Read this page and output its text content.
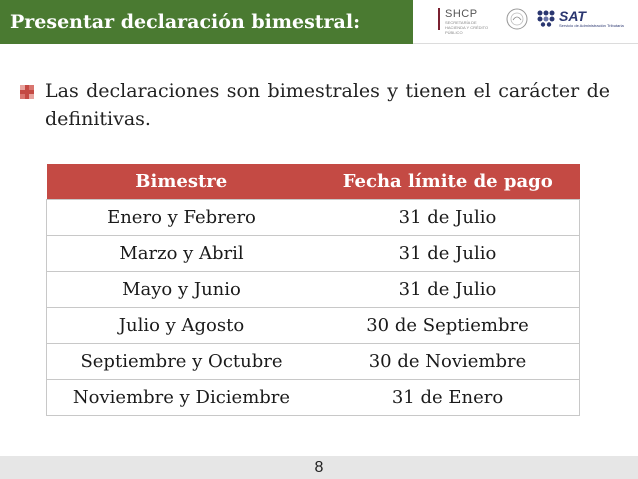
Presentar declaración bimestral:	SHCP
SECRETARÍA DE HACIENDA Y CRÉDITO PÚBLICO
SAT
Servicio de Administración Tributaria
Las declaraciones son bimestrales y tienen el carácter de definitivas.
Bimestre	Fecha límite de pago
Enero y Febrero	31 de Julio
Marzo y Abril	31 de Julio
Mayo y Junio	31 de Julio
Julio y Agosto	30 de Septiembre
Septiembre y Octubre	30 de Noviembre
Noviembre y Diciembre	31 de Enero
8
